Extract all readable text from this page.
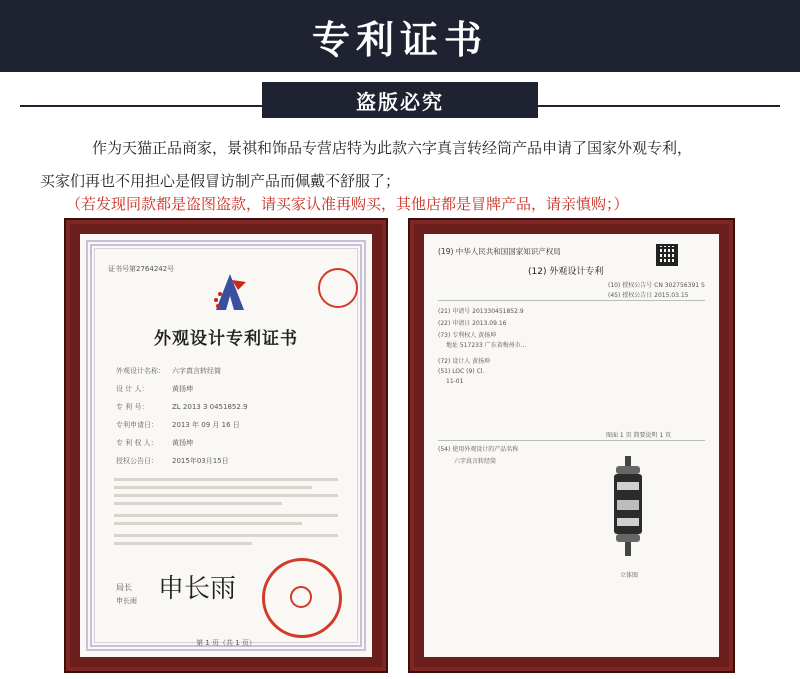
专利证书
盗版必究
作为天猫正品商家，景祺和饰品专营店特为此款六字真言转经筒产品申请了国家外观专利，
买家们再也不用担心是假冒访制产品而佩戴不舒服了；
（若发现同款都是盗图盗款，请买家认准再购买，其他店都是冒牌产品，请亲慎购；）
证书号第2764242号
外观设计专利证书
外观设计名称： 六字真言转经筒
设 计 人：	黄扬坤
专 利 号：	ZL 2013 3 0451852.9
专利申请日： 2013 年 09 月 16 日
专 利 权 人： 黄扬坤
授权公告日： 2015年03月15日
局长
申长雨 申长雨
第 1 页（共 1 页）
(19) 中华人民共和国国家知识产权局
(12) 外观设计专利
(10) 授权公告号 CN 302756391 S
(45) 授权公告日 2015.03.15
(21) 申请号 201330451852.9
(22) 申请日 2013.09.16
(73) 专利权人 黄扬坤
地址 517233 广东省梅州市...
(72) 设计人 黄扬坤
(51) LOC (9) Cl.
11-01
图面 1 页 简要说明 1 页
(54) 使用外观设计的产品名称
六字真言转经筒
立体图
